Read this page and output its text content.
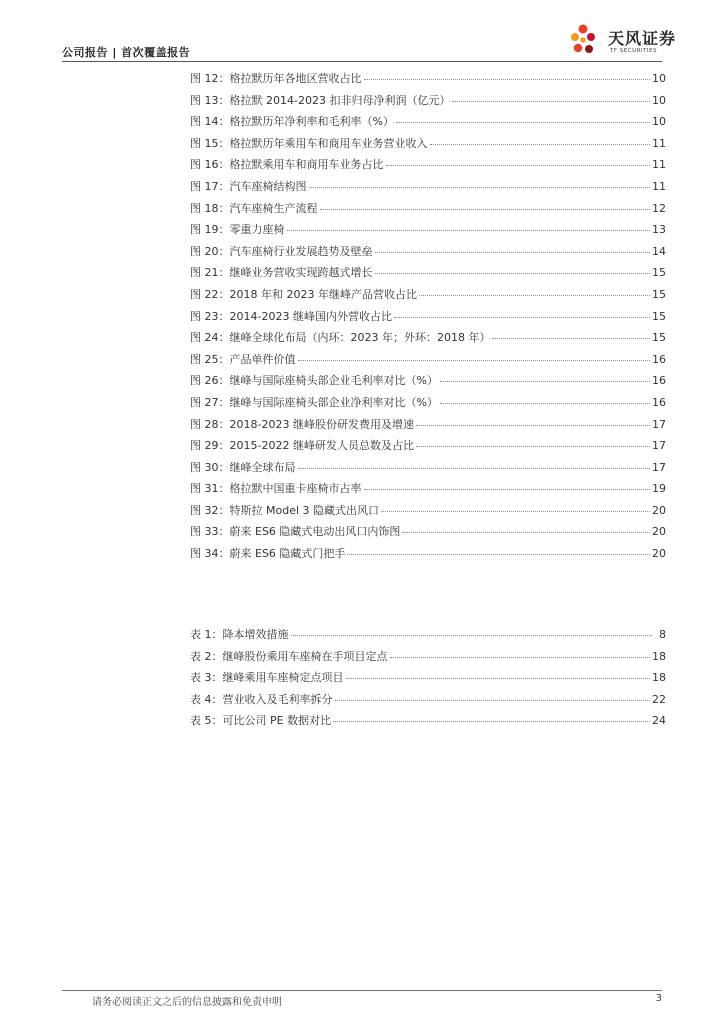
公司报告 | 首次覆盖报告
天风证券
TF SECURITIES
图 12：格拉默历年各地区营收占比	10
图 13：格拉默 2014-2023 扣非归母净利润（亿元）	10
图 14：格拉默历年净利率和毛利率（%）	10
图 15：格拉默历年乘用车和商用车业务营业收入	11
图 16：格拉默乘用车和商用车业务占比	11
图 17：汽车座椅结构图	11
图 18：汽车座椅生产流程	12
图 19：零重力座椅	13
图 20：汽车座椅行业发展趋势及壁垒	14
图 21：继峰业务营收实现跨越式增长	15
图 22：2018 年和 2023 年继峰产品营收占比	15
图 23：2014-2023 继峰国内外营收占比	15
图 24：继峰全球化布局（内环：2023 年；外环：2018 年）	15
图 25：产品单件价值	16
图 26：继峰与国际座椅头部企业毛利率对比（%）	16
图 27：继峰与国际座椅头部企业净利率对比（%）	16
图 28：2018-2023 继峰股份研发费用及增速	17
图 29：2015-2022 继峰研发人员总数及占比	17
图 30：继峰全球布局	17
图 31：格拉默中国重卡座椅市占率	19
图 32：特斯拉 Model 3 隐藏式出风口	20
图 33：蔚来 ES6 隐藏式电动出风口内饰图	20
图 34：蔚来 ES6 隐藏式门把手	20
表 1：降本增效措施	8
表 2：继峰股份乘用车座椅在手项目定点	18
表 3：继峰乘用车座椅定点项目	18
表 4：营业收入及毛利率拆分	22
表 5：可比公司 PE 数据对比	24
请务必阅读正文之后的信息披露和免责申明	3
